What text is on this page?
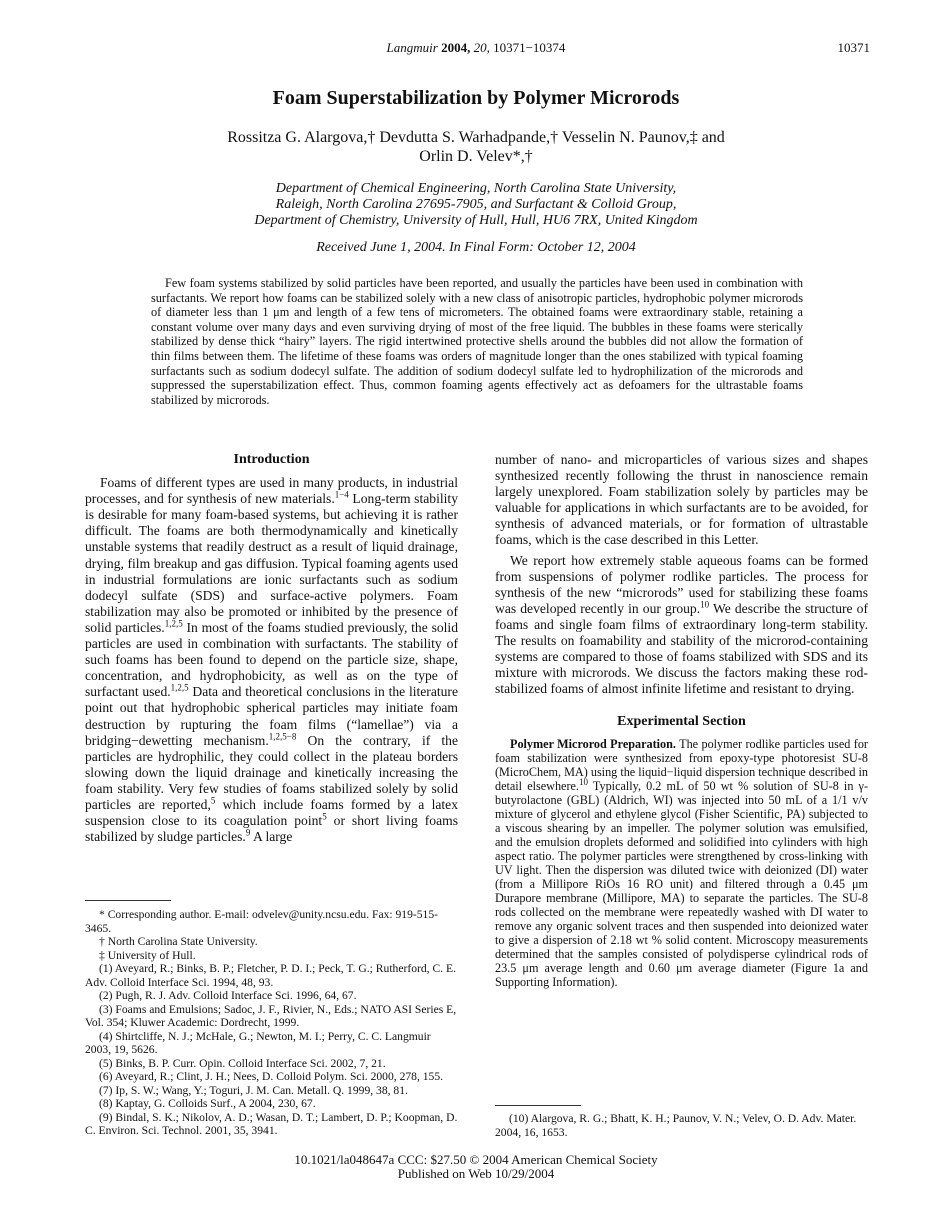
Langmuir 2004, 20, 10371−10374	10371
Foam Superstabilization by Polymer Microrods
Rossitza G. Alargova,† Devdutta S. Warhadpande,† Vesselin N. Paunov,‡ and
Orlin D. Velev*,†
Department of Chemical Engineering, North Carolina State University,
Raleigh, North Carolina 27695-7905, and Surfactant & Colloid Group,
Department of Chemistry, University of Hull, Hull, HU6 7RX, United Kingdom
Received June 1, 2004. In Final Form: October 12, 2004

Few foam systems stabilized by solid particles have been reported, and usually the particles have been used in combination with surfactants. We report how foams can be stabilized solely with a new class of anisotropic particles, hydrophobic polymer microrods of diameter less than 1 μm and length of a few tens of micrometers. The obtained foams were extraordinary stable, retaining a constant volume over many days and even surviving drying of most of the free liquid. The bubbles in these foams were sterically stabilized by dense thick “hairy” layers. The rigid intertwined protective shells around the bubbles did not allow the formation of thin films between them. The lifetime of these foams was orders of magnitude longer than the ones stabilized with typical foaming surfactants such as sodium dodecyl sulfate. The addition of sodium dodecyl sulfate led to hydrophilization of the microrods and suppressed the superstabilization effect. Thus, common foaming agents effectively act as defoamers for the ultrastable foams stabilized by microrods.

Introduction

Foams of different types are used in many products, in industrial processes, and for synthesis of new materials.$^{1-4}$ Long-term stability is desirable for many foam-based systems, but achieving it is rather difficult. The foams are both thermodynamically and kinetically unstable systems that readily destruct as a result of liquid drainage, drying, film breakup and gas diffusion. Typical foaming agents used in industrial formulations are ionic surfactants such as sodium dodecyl sulfate (SDS) and surface-active polymers. Foam stabilization may also be promoted or inhibited by the presence of solid particles.$^{1,2,5}$ In most of the foams studied previously, the solid particles are used in combination with surfactants. The stability of such foams has been found to depend on the particle size, shape, concentration, and hydrophobicity, as well as on the type of surfactant used.$^{1,2,5}$ Data and theoretical conclusions in the literature point out that hydrophobic spherical particles may initiate foam destruction by rupturing the foam films (“lamellae”) via a bridging−dewetting mechanism.$^{1,2,5-8}$ On the contrary, if the particles are hydrophilic, they could collect in the plateau borders slowing down the liquid drainage and kinetically increasing the foam stability. Very few studies of foams stabilized solely by solid particles are reported,$^5$ which include foams formed by a latex suspension close to its coagulation point$^5$ or short living foams stabilized by sludge particles.$^9$ A large

* Corresponding author. E-mail: odvelev@unity.ncsu.edu. Fax: 919-515-3465.

† North Carolina State University.

‡ University of Hull.

(1) Aveyard, R.; Binks, B. P.; Fletcher, P. D. I.; Peck, T. G.; Rutherford, C. E. Adv. Colloid Interface Sci. 1994, 48, 93.

(2) Pugh, R. J. Adv. Colloid Interface Sci. 1996, 64, 67.

(3) Foams and Emulsions; Sadoc, J. F., Rivier, N., Eds.; NATO ASI Series E, Vol. 354; Kluwer Academic: Dordrecht, 1999.

(4) Shirtcliffe, N. J.; McHale, G.; Newton, M. I.; Perry, C. C. Langmuir 2003, 19, 5626.

(5) Binks, B. P. Curr. Opin. Colloid Interface Sci. 2002, 7, 21.

(6) Aveyard, R.; Clint, J. H.; Nees, D. Colloid Polym. Sci. 2000, 278, 155.

(7) Ip, S. W.; Wang, Y.; Toguri, J. M. Can. Metall. Q. 1999, 38, 81.

(8) Kaptay, G. Colloids Surf., A 2004, 230, 67.

(9) Bindal, S. K.; Nikolov, A. D.; Wasan, D. T.; Lambert, D. P.; Koopman, D. C. Environ. Sci. Technol. 2001, 35, 3941.

number of nano- and microparticles of various sizes and shapes synthesized recently following the thrust in nanoscience remain largely unexplored. Foam stabilization solely by particles may be valuable for applications in which surfactants are to be avoided, for synthesis of advanced materials, or for formation of ultrastable foams, which is the case described in this Letter.

We report how extremely stable aqueous foams can be formed from suspensions of polymer rodlike particles. The process for synthesis of the new “microrods” used for stabilizing these foams was developed recently in our group.$^{10}$ We describe the structure of foams and single foam films of extraordinary long-term stability. The results on foamability and stability of the microrod-containing systems are compared to those of foams stabilized with SDS and its mixture with microrods. We discuss the factors making these rod-stabilized foams of almost infinite lifetime and resistant to drying.

Experimental Section

Polymer Microrod Preparation. The polymer rodlike particles used for foam stabilization were synthesized from epoxy-type photoresist SU-8 (MicroChem, MA) using the liquid−liquid dispersion technique described in detail elsewhere.$^{10}$ Typically, 0.2 mL of 50 wt % solution of SU-8 in γ-butyrolactone (GBL) (Aldrich, WI) was injected into 50 mL of a 1/1 v/v mixture of glycerol and ethylene glycol (Fisher Scientific, PA) subjected to a viscous shearing by an impeller. The polymer solution was emulsified, and the emulsion droplets deformed and solidified into cylinders with high aspect ratio. The polymer particles were strengthened by cross-linking with UV light. Then the dispersion was diluted twice with deionized (DI) water (from a Millipore RiOs 16 RO unit) and filtered through a 0.45 μm Durapore membrane (Millipore, MA) to separate the particles. The SU-8 rods collected on the membrane were repeatedly washed with DI water to remove any organic solvent traces and then suspended into deionized water to give a dispersion of 2.18 wt % solid content. Microscopy measurements determined that the samples consisted of polydisperse cylindrical rods of 23.5 μm average length and 0.60 μm average diameter (Figure 1a and Supporting Information).

(10) Alargova, R. G.; Bhatt, K. H.; Paunov, V. N.; Velev, O. D. Adv. Mater. 2004, 16, 1653.

10.1021/la048647a CCC: $27.50 © 2004 American Chemical Society
Published on Web 10/29/2004
